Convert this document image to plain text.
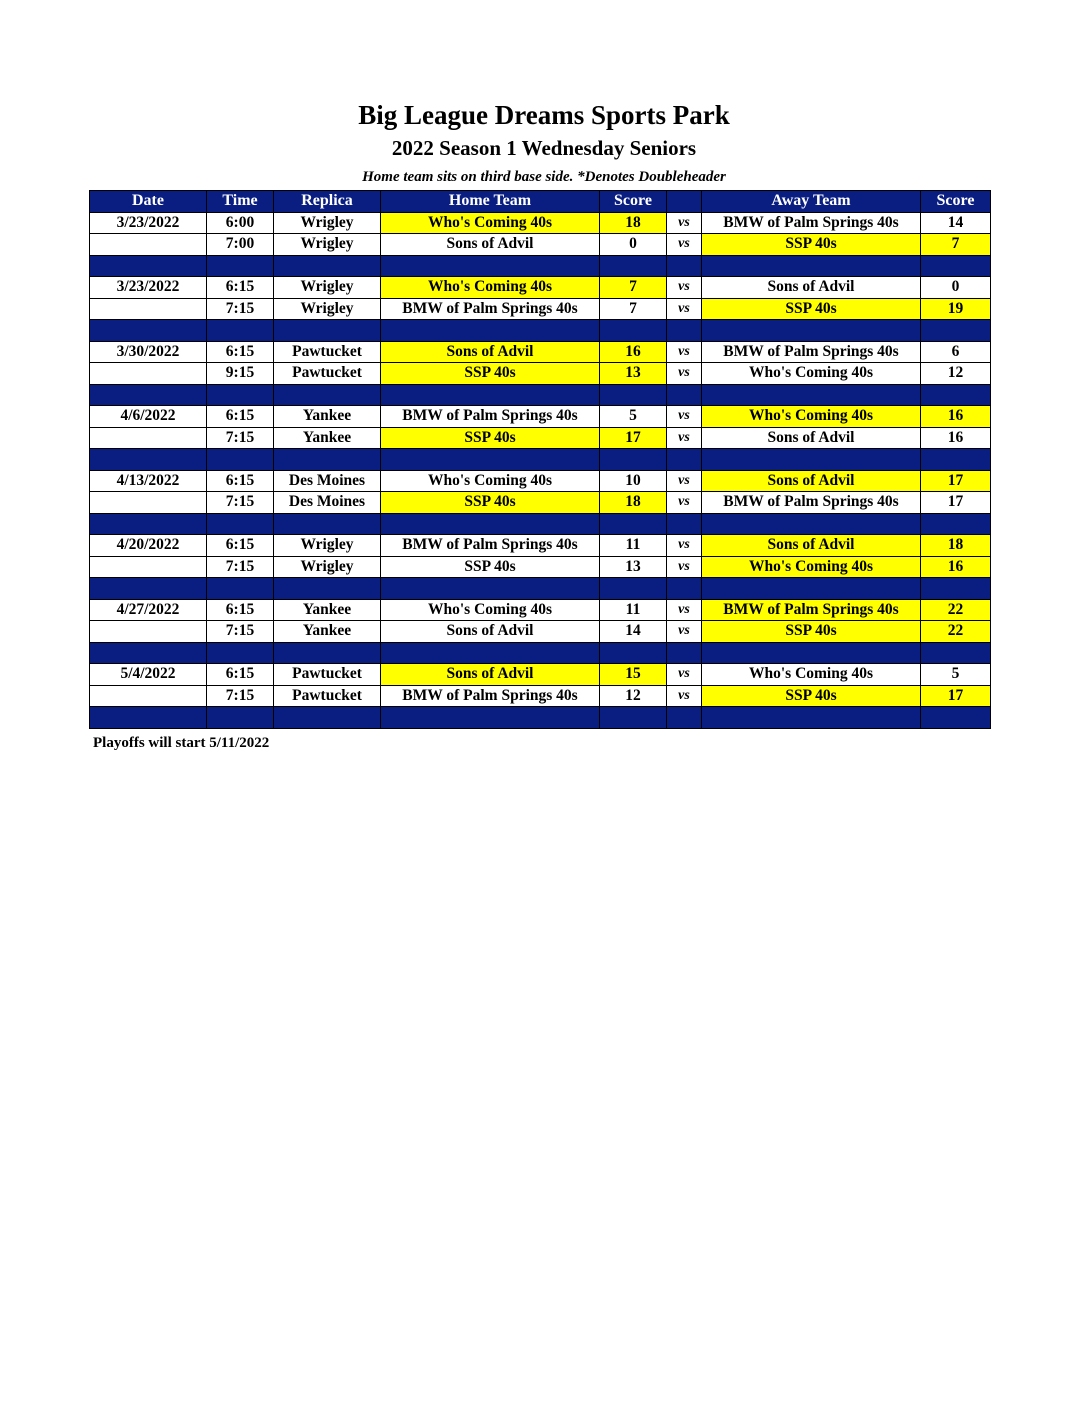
Big League Dreams Sports Park
2022 Season 1 Wednesday Seniors
Home team sits on third base side. *Denotes Doubleheader
Date	Time	Replica	Home Team	Score		Away Team	Score
3/23/2022	6:00	Wrigley	Who's Coming 40s	18	vs	BMW of Palm Springs 40s	14
	7:00	Wrigley	Sons of Advil	0	vs	SSP 40s	7

3/23/2022	6:15	Wrigley	Who's Coming 40s	7	vs	Sons of Advil	0
	7:15	Wrigley	BMW of Palm Springs 40s	7	vs	SSP 40s	19

3/30/2022	6:15	Pawtucket	Sons of Advil	16	vs	BMW of Palm Springs 40s	6
	9:15	Pawtucket	SSP 40s	13	vs	Who's Coming 40s	12

4/6/2022	6:15	Yankee	BMW of Palm Springs 40s	5	vs	Who's Coming 40s	16
	7:15	Yankee	SSP 40s	17	vs	Sons of Advil	16

4/13/2022	6:15	Des Moines	Who's Coming 40s	10	vs	Sons of Advil	17
	7:15	Des Moines	SSP 40s	18	vs	BMW of Palm Springs 40s	17

4/20/2022	6:15	Wrigley	BMW of Palm Springs 40s	11	vs	Sons of Advil	18
	7:15	Wrigley	SSP 40s	13	vs	Who's Coming 40s	16

4/27/2022	6:15	Yankee	Who's Coming 40s	11	vs	BMW of Palm Springs 40s	22
	7:15	Yankee	Sons of Advil	14	vs	SSP 40s	22

5/4/2022	6:15	Pawtucket	Sons of Advil	15	vs	Who's Coming 40s	5
	7:15	Pawtucket	BMW of Palm Springs 40s	12	vs	SSP 40s	17

Playoffs will start 5/11/2022
